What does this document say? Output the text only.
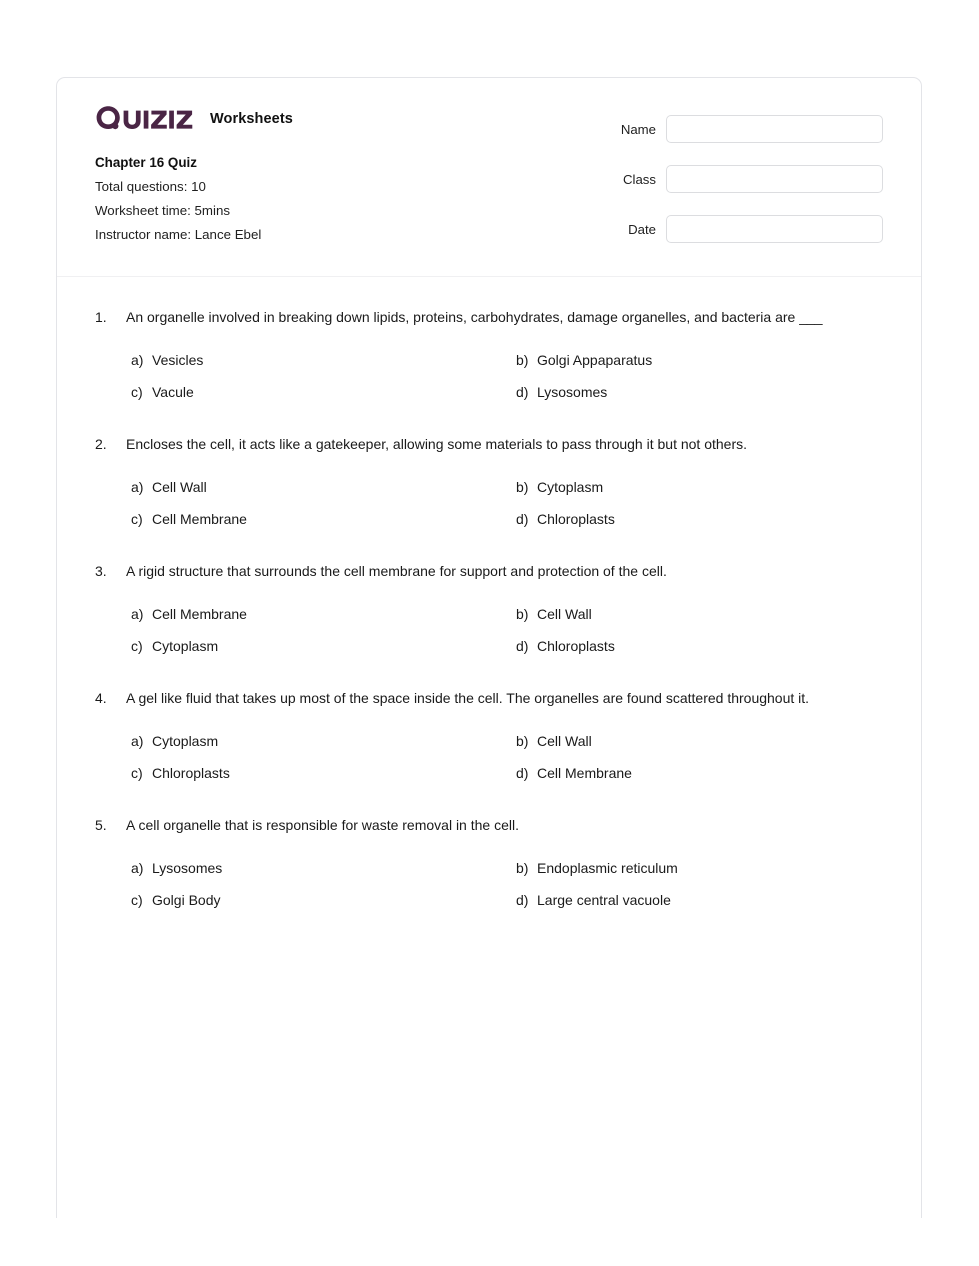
Worksheets
Chapter 16 Quiz
Total questions: 10
Worksheet time: 5mins
Instructor name: Lance Ebel
Name
Class
Date
1.	An organelle involved in breaking down lipids, proteins, carbohydrates, damage organelles, and bacteria are ___
a) Vesicles	b) Golgi Appaparatus
c) Vacule	d) Lysosomes
2.	Encloses the cell, it acts like a gatekeeper, allowing some materials to pass through it but not others.
a) Cell Wall	b) Cytoplasm
c) Cell Membrane	d) Chloroplasts
3.	A rigid structure that surrounds the cell membrane for support and protection of the cell.
a) Cell Membrane	b) Cell Wall
c) Cytoplasm	d) Chloroplasts
4.	A gel like fluid that takes up most of the space inside the cell. The organelles are found scattered throughout it.
a) Cytoplasm	b) Cell Wall
c) Chloroplasts	d) Cell Membrane
5.	A cell organelle that is responsible for waste removal in the cell.
a) Lysosomes	b) Endoplasmic reticulum
c) Golgi Body	d) Large central vacuole
